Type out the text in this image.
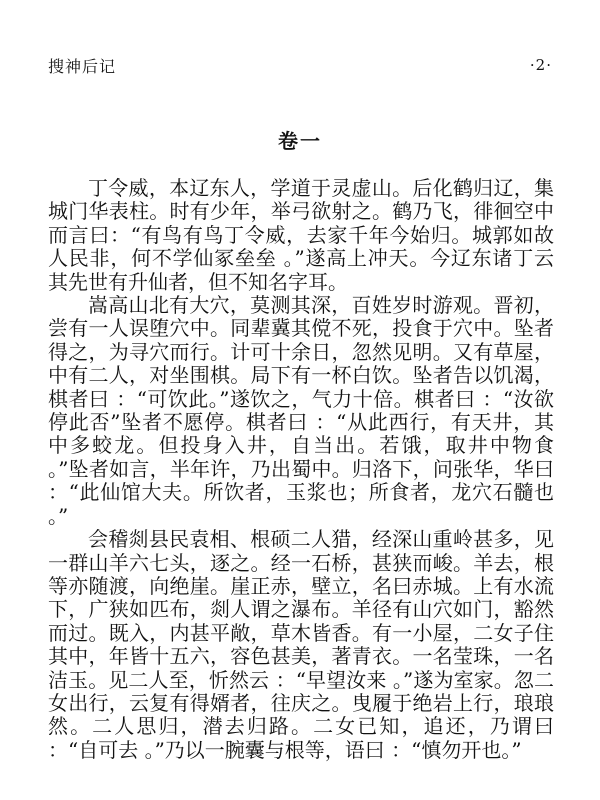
搜神后记	·2·
卷一

丁令威，本辽东人，学道于灵虚山。后化鹤归辽，集城门华表柱。时有少年，举弓欲射之。鹤乃飞，徘徊空中而言曰：“有鸟有鸟丁令威，去家千年今始归。城郭如故人民非，何不学仙冢垒垒 。”遂高上冲天。今辽东诸丁云其先世有升仙者，但不知名字耳。

嵩高山北有大穴，莫测其深，百姓岁时游观。晋初，尝有一人误堕穴中。同辈冀其傥不死，投食于穴中。坠者得之，为寻穴而行。计可十余日，忽然见明。又有草屋，中有二人，对坐围棋。局下有一杯白饮。坠者告以饥渴，棋者曰 ：“可饮此。”遂饮之，气力十倍。棋者曰 ：“汝欲停此否”坠者不愿停。棋者曰 ：“从此西行，有天井，其中多蛟龙。但投身入井，自当出。若饿，取井中物食 。”坠者如言，半年许，乃出蜀中。归洛下，问张华，华曰 ：“此仙馆大夫。所饮者，玉浆也；所食者，龙穴石髓也 。”

会稽剡县民袁相、根硕二人猎，经深山重岭甚多，见一群山羊六七头，逐之。经一石桥，甚狭而峻。羊去，根等亦随渡，向绝崖。崖正赤，壁立，名曰赤城。上有水流下，广狭如匹布，剡人谓之瀑布。羊径有山穴如门，豁然而过。既入，内甚平敞，草木皆香。有一小屋，二女子住其中，年皆十五六，容色甚美，著青衣。一名莹珠，一名洁玉。见二人至，忻然云 ：“早望汝来 。”遂为室家。忽二女出行，云复有得婿者，往庆之。曳履于绝岩上行，琅琅然。二人思归，潜去归路。二女已知，追还，乃谓曰 ：“自可去 。”乃以一腕囊与根等，语曰 ：“慎勿开也。”
